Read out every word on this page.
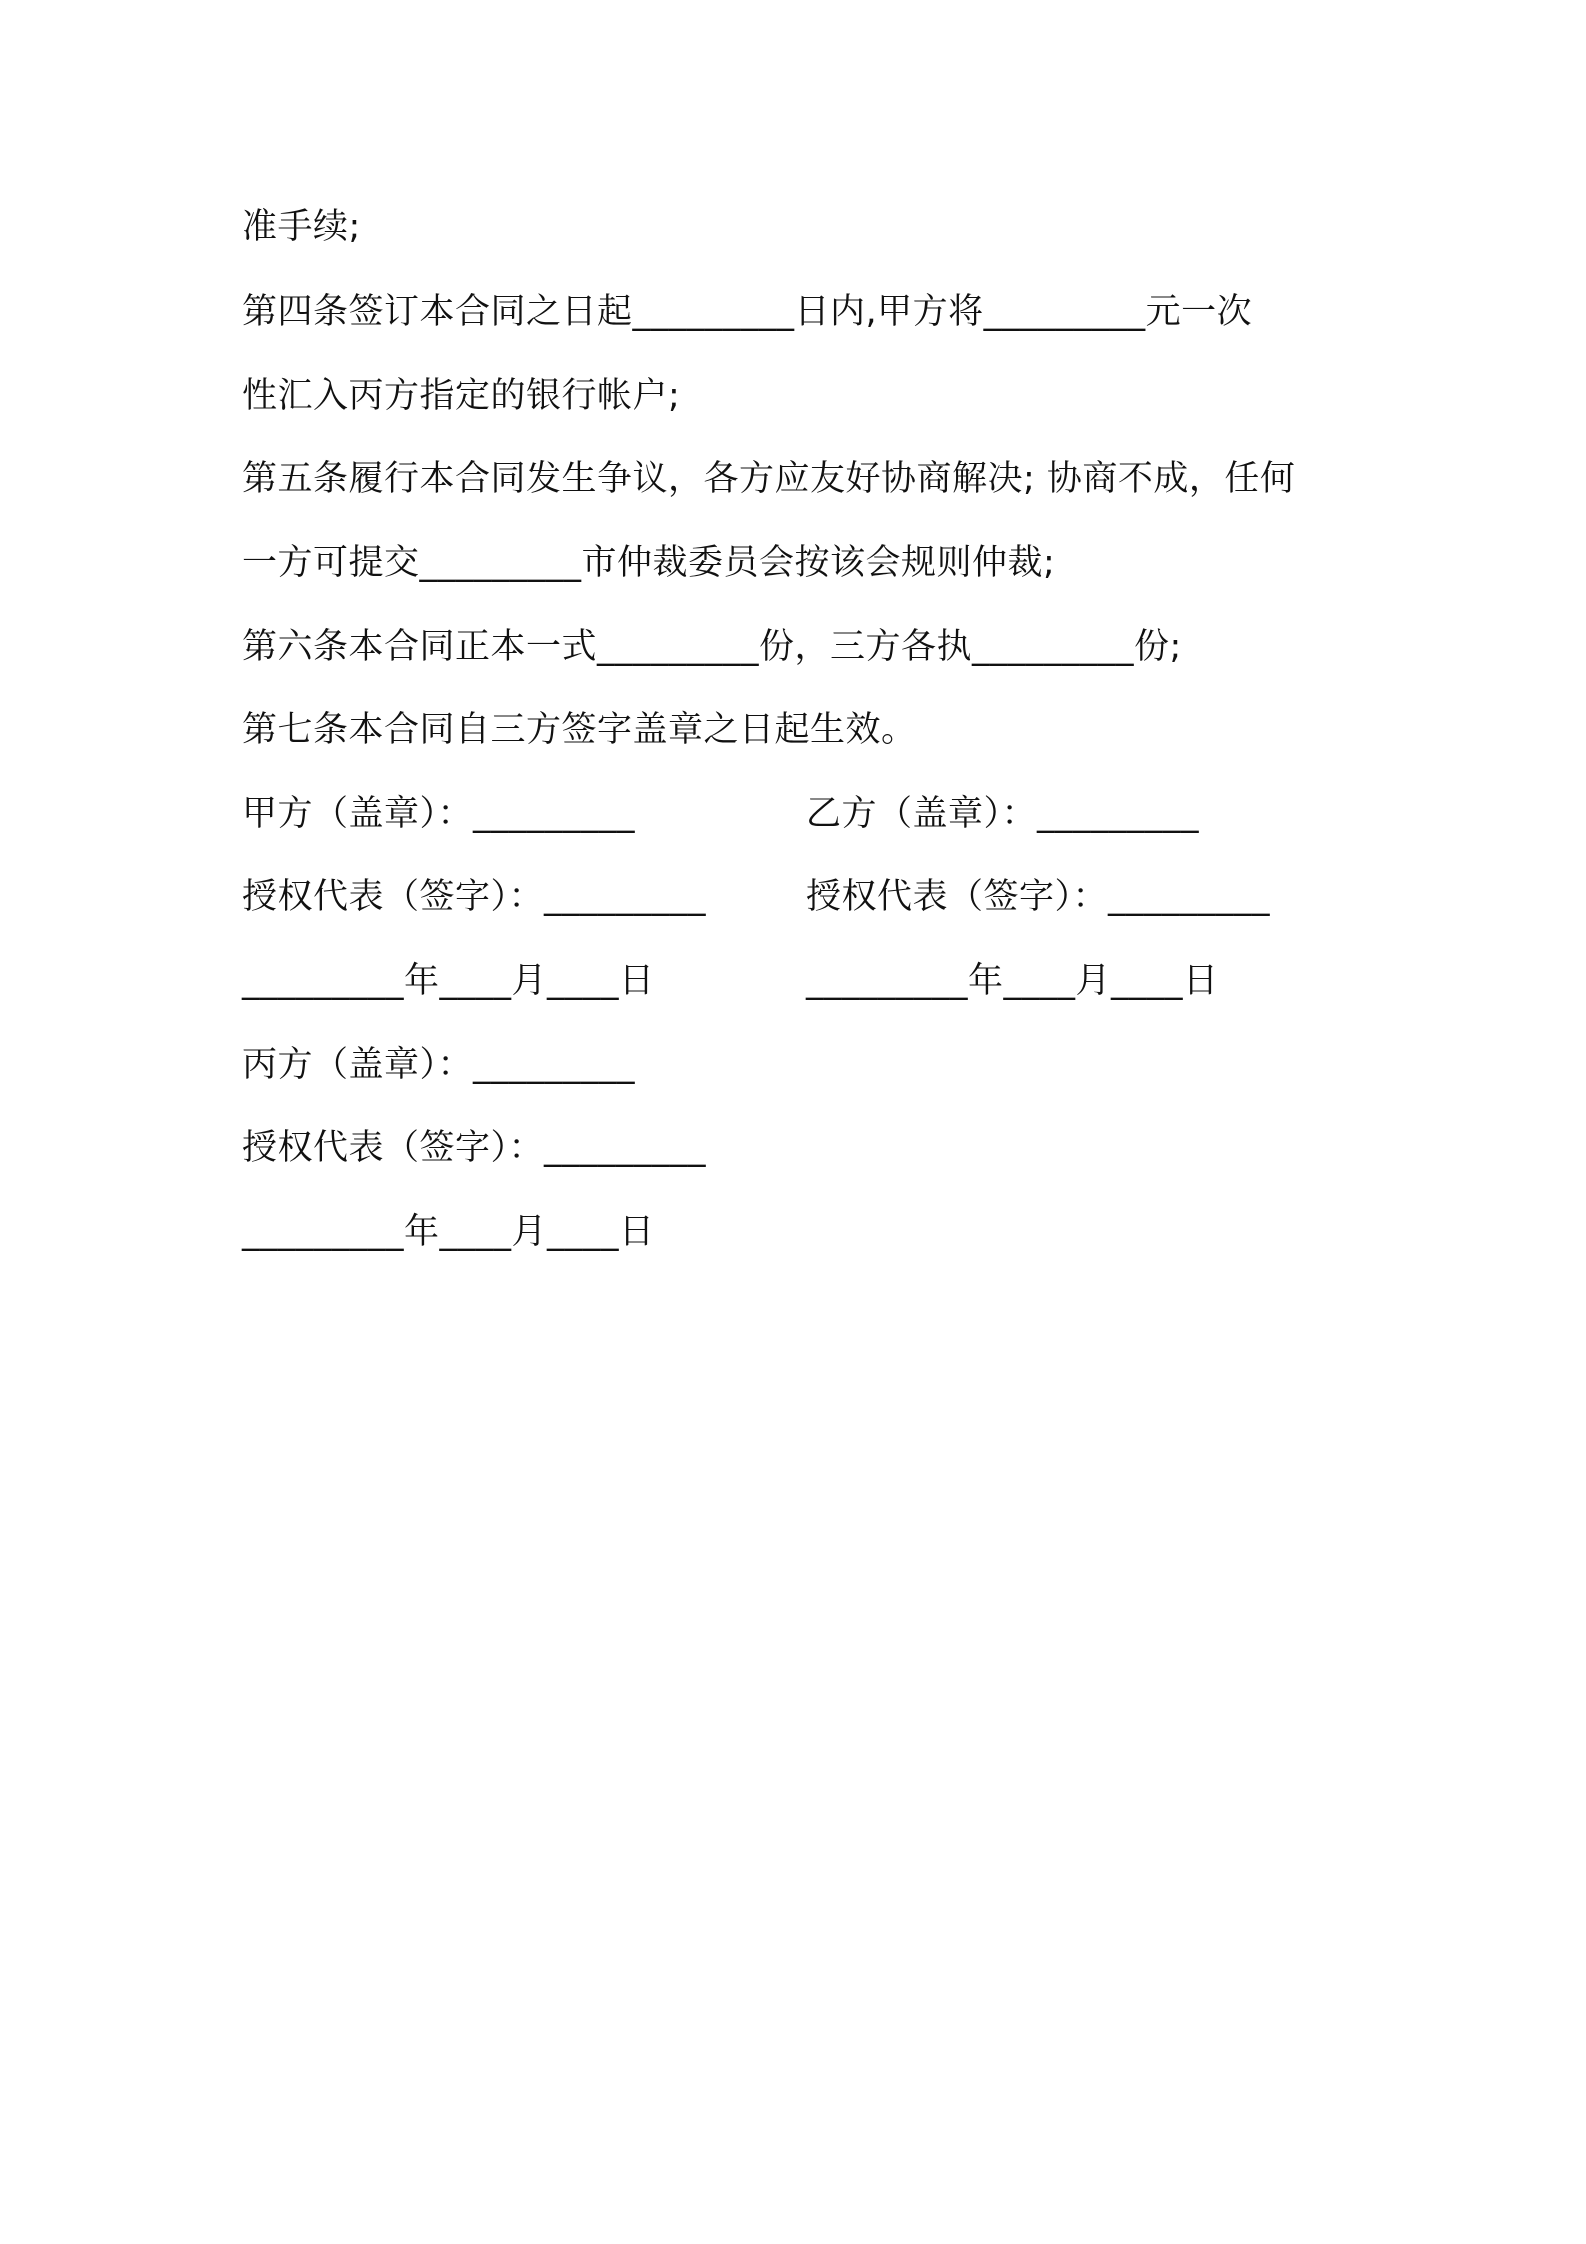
准手续;
第四条签订本合同之日起_________日内,甲方将_________元一次
性汇入丙方指定的银行帐户;
第五条履行本合同发生争议，各方应友好协商解决; 协商不成，任何
一方可提交_________市仲裁委员会按该会规则仲裁;
第六条本合同正本一式_________份，三方各执_________份;
第七条本合同自三方签字盖章之日起生效。
甲方（盖章）：_________	乙方（盖章）：_________
授权代表（签字）：_________	授权代表（签字）：_________
_________年____月____日	_________年____月____日
丙方（盖章）：_________
授权代表（签字）：_________
_________年____月____日
